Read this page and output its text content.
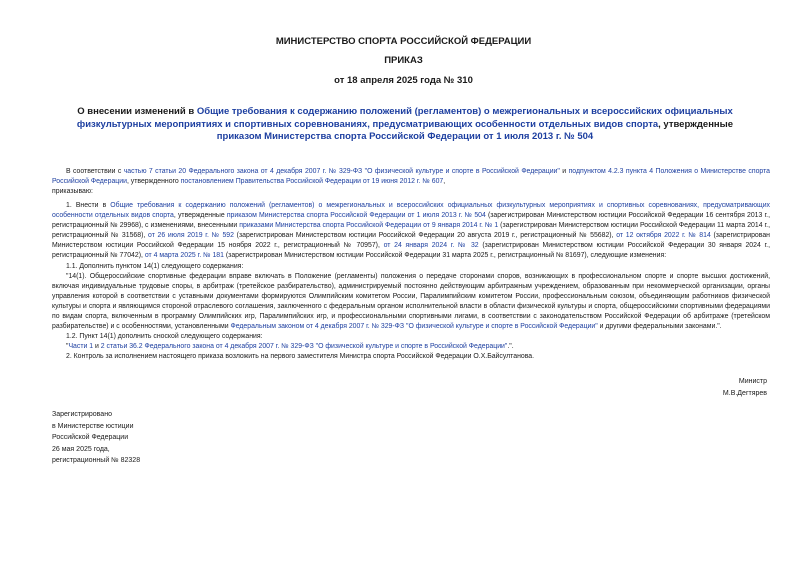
МИНИСТЕРСТВО СПОРТА РОССИЙСКОЙ ФЕДЕРАЦИИ
ПРИКАЗ
от 18 апреля 2025 года № 310
О внесении изменений в Общие требования к содержанию положений (регламентов) о межрегиональных и всероссийских официальных физкультурных мероприятиях и спортивных соревнованиях, предусматривающих особенности отдельных видов спорта, утвержденные приказом Министерства спорта Российской Федерации от 1 июля 2013 г. № 504

В соответствии с частью 7 статьи 20 Федерального закона от 4 декабря 2007 г. № 329-ФЗ "О физической культуре и спорте в Российской Федерации" и подпунктом 4.2.3 пункта 4 Положения о Министерстве спорта Российской Федерации, утвержденного постановлением Правительства Российской Федерации от 19 июня 2012 г. № 607,

приказываю:

1. Внести в Общие требования к содержанию положений (регламентов) о межрегиональных и всероссийских официальных физкультурных мероприятиях и спортивных соревнованиях, предусматривающих особенности отдельных видов спорта, утвержденные приказом Министерства спорта Российской Федерации от 1 июля 2013 г. № 504 (зарегистрирован Министерством юстиции Российской Федерации 16 сентября 2013 г., регистрационный № 29968), с изменениями, внесенными приказами Министерства спорта Российской Федерации от 9 января 2014 г. № 1 (зарегистрирован Министерством юстиции Российской Федерации 11 марта 2014 г., регистрационный № 31568), от 26 июля 2019 г. № 592 (зарегистрирован Министерством юстиции Российской Федерации 20 августа 2019 г., регистрационный № 55682), от 12 октября 2022 г. № 814 (зарегистрирован Министерством юстиции Российской Федерации 15 ноября 2022 г., регистрационный № 70957), от 24 января 2024 г. № 32 (зарегистрирован Министерством юстиции Российской Федерации 30 января 2024 г., регистрационный № 77042), от 4 марта 2025 г. № 181 (зарегистрирован Министерством юстиции Российской Федерации 31 марта 2025 г., регистрационный № 81697), следующие изменения:

1.1. Дополнить пунктом 14(1) следующего содержания:

"14(1). Общероссийские спортивные федерации вправе включать в Положение (регламенты) положения о передаче сторонами споров, возникающих в профессиональном спорте и спорте высших достижений, включая индивидуальные трудовые споры, в арбитраж (третейское разбирательство), администрируемый постоянно действующим арбитражным учреждением, образованным при некоммерческой организации, органы управления которой в соответствии с уставными документами формируются Олимпийским комитетом России, Паралимпийским комитетом России, профессиональным союзом, объединяющим работников физической культуры и спорта и являющимся стороной отраслевого соглашения, заключенного с федеральным органом исполнительной власти в области физической культуры и спорта, общероссийскими спортивными федерациями по видам спорта, включенным в программу Олимпийских игр, Паралимпийских игр, и профессиональными спортивными лигами, в соответствии с законодательством Российской Федерации об арбитраже (третейском разбирательстве) и с особенностями, установленными Федеральным законом от 4 декабря 2007 г. № 329-ФЗ "О физической культуре и спорте в Российской Федерации" и другими федеральными законами.".

1.2. Пункт 14(1) дополнить сноской следующего содержания:

"Части 1 и 2 статьи 36.2 Федерального закона от 4 декабря 2007 г. № 329-ФЗ "О физической культуре и спорте в Российской Федерации".".

2. Контроль за исполнением настоящего приказа возложить на первого заместителя Министра спорта Российской Федерации О.Х.Байсултанова.

Министр
М.В.Дегтярев
Зарегистрировано
в Министерстве юстиции
Российской Федерации
26 мая 2025 года,
регистрационный № 82328
